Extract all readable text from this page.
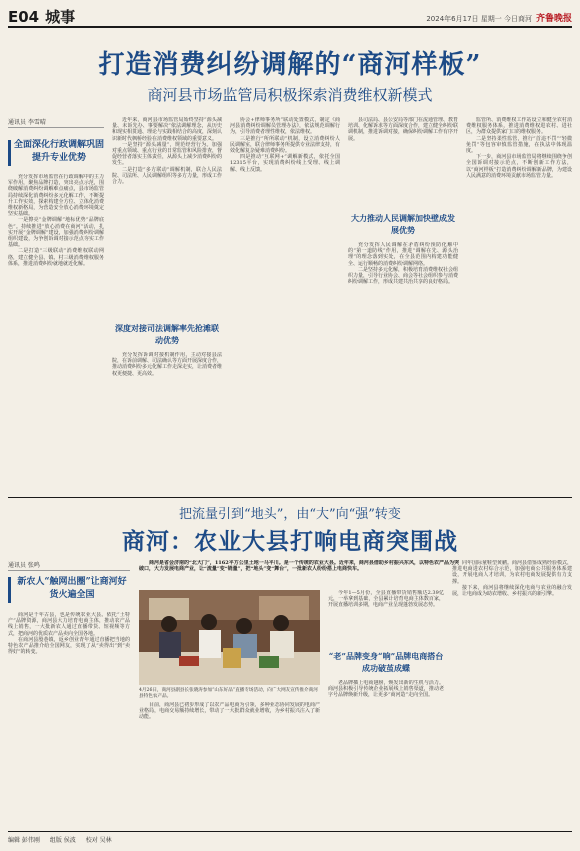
E04 城事	2024年6月17日 星期一 今日商河 齐鲁晚报
打造消费纠纷调解的“商河样板”
商河县市场监管局积极探索消费维权新模式
通讯员 李雪晴
全面深化行政调解巩固提升专业优势

充分发挥市场监管在行政调解中的主力军作用，聚焦品牌打造，突出亮点示范，围绕破解消费纠纷调解难点痛点，县市场监管局持续深化消费纠纷多元化解工作，不断提升工作实效，探索构建全方位、立体化消费维权新格局，为营造安全放心消费环境奠定坚实基础。

一是擦亮“金牌调解”地标优势“品牌底色”。持续推进“放心消费在商河”活动，扎实开展“金牌调解”建设，加强消费纠纷调解组织建设，为争创诉调对接示范点夯实工作基础。

二是打造“三级联动”消费维权联动网络，建立健全县、镇、村三级消费维权服务体系，推进消费纠纷就地就近化解。

近年来，商河县市场监管局始终坚持“源头减量、未诉先办、事要解决”依法调解理念，从历史和现实相贯通、理论与实践相结合的高度，深刻认识新时代枫桥经验在消费维权领域的重要意义。

一是坚持“源头减量”，规范经营行为。加强对重点领域、重点行业的日常监管和风险排查，督促经营者落实主体责任，从源头上减少消费纠纷的发生。

二是打造“多方联动”调解机制，联合人民法院、司法所、人民调解组织等多方力量，形成工作合力。

深度对接司法调解率先抢滩联动优势

充分发挥诉调对接机制作用，主动对接县法院，在诉前调解、司法确认等方面开展深度合作，推动消费纠纷多元化解工作走深走实，让消费者维权更便捷、更高效。

协会+律师事务所”联动处置模式，制定《商河县消费纠纷调解员管理办法》，依法规范调解行为，引导消费者理性维权，依法维权。

三是推行“所所联动”机制，设立消费纠纷人民调解室，联合律师事务所提供专业法律支持，有效化解复杂疑难消费纠纷。

四是推动“互联网+”调解新模式，依托全国12315平台，实现消费纠纷线上受理、线上调解、线上反馈。

县司法局、县公安局等部门在流通管理、教育培训、化解诉求等方面深度合作，建立健全纠纷联调机制，推进诉调对接，确保纠纷调解工作有序开展。

大力推动人民调解加快壁成发展优势

充分发挥人民调解在矛盾纠纷预防化解中的“第一道防线”作用，推进“调解在先、源头治理”的理念落到实处，在全县范围内构建功能健全、运行顺畅的消费纠纷调解网络。

二是坚持多元化解，积极培育消费维权社会组织力量，引导行业协会、商会等社会组织参与消费纠纷调解工作，形成共建共治共享的良好格局。

监管所、消费维权工作站设立和健全农村消费维权服务体系，推进消费维权进农村、进社区，为群众提供家门口的维权服务。

二是坚持柔性监管，推行“首违不罚”“轻微免罚”等包容审慎监管措施，在执法中体现温度。

下一步，商河县市场监管局将继续围绕争创全国诉调对接示范点，不断创新工作方法，以“商河样板”打造消费纠纷调解新品牌，为建设人民满意的消费环境贡献市场监管力量。

把流量引到“地头”，由“大”向“强”转变
商河：农业大县打响电商突围战
通讯员 张鸣
新农人“触网出圈”让商河好货火遍全国

商河是千年古县，也是传统农业大县。依托“土特产”品牌资源，商河县大力培育电商主体，推动农产品线上销售，一大批新农人通过直播带货、短视频等方式，把商河的优质农产品卖向全国各地。

在商河县殷巷镇，返乡创业青年通过直播把当地的特色农产品推介给全国网友，实现了从“卖得出”到“卖得好”的转变。

商河是省会济南的“北大门”，1162平方公里土地一马平川。是一个传统的农业大县。近年来，商河县借助乡村振兴东风，以特色农产品为突破口，大力发展电商产业，让“流量”变“销量”，把“地头”变“舞台”，一批新农人纷纷搭上电商快车。

4月26日，商河县副县长张晓涛参加“山东好品”直播专场活动，向广大网友宣传推介商河县特色农产品。

目前，商河县已初步形成了以农产品电商为引领，多种业态协同发展的电商产业格局，电商交易额持续增长，带动了一大批群众就业增收，为乡村振兴注入了新动能。

今年1—5月份，全县直播带货销售额达2.39亿元，一举拿到基础，全县累计培育电商主体数百家，开展直播培训多期，电商产业呈现蓬勃发展态势。

“老”品牌变身“响”品牌电商搭台成功破茧成蝶

老品牌插上电商翅膀，焕发出新的生机与活力。商河县积极引导传统企业拓展线上销售渠道，推动老字号品牌焕新升级，让更多“商河造”走向全国。

同年国际童鞋型黄鹂。商河县借鉴成熟经验模式，推进电商进农村综合示范，加强电商公共服务体系建设，开展电商人才培训，为农村电商发展提供有力支撑。

接下来，商河县将继续深化电商与农业的融合发展，让电商成为助农增收、乡村振兴的新引擎。

编辑 彭伟刚 组版 侯波 校对 吴林
